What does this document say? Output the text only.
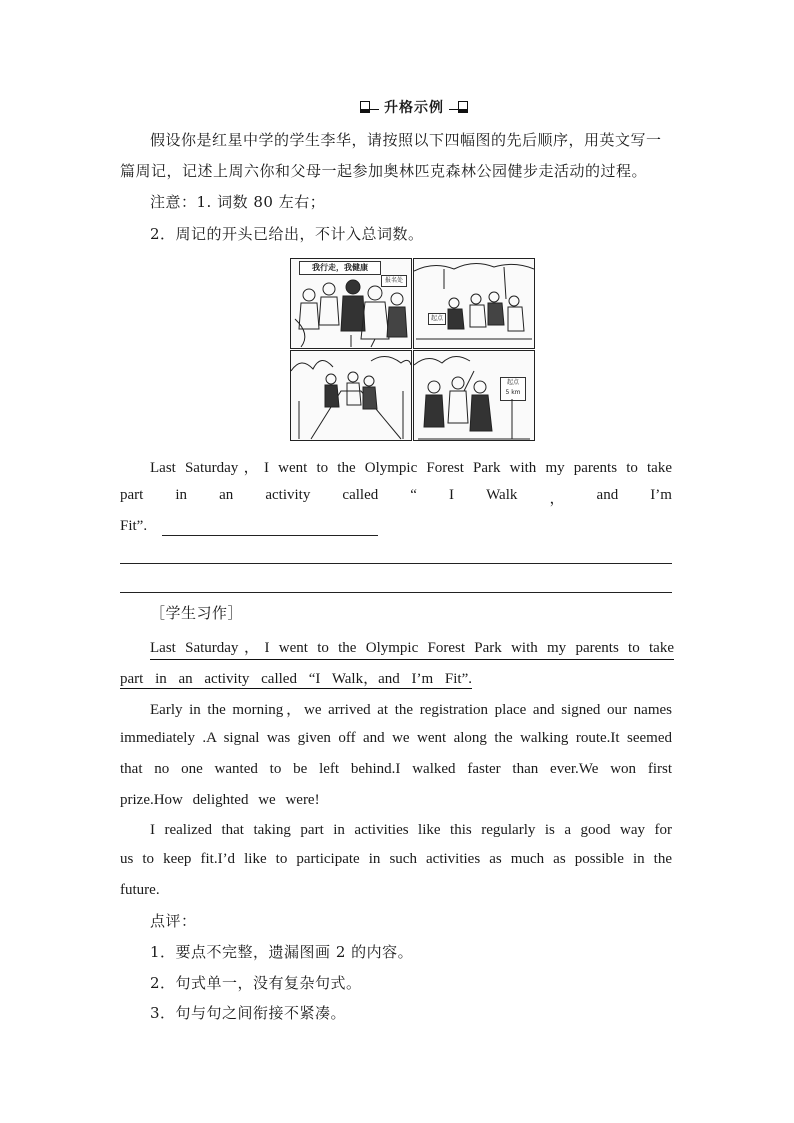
升格示例
假设你是红星中学的学生李华，请按照以下四幅图的先后顺序，用英文写一
篇周记，记述上周六你和父母一起参加奥林匹克森林公园健步走活动的过程。
注意：1. 词数 80 左右；
2．周记的开头已给出，不计入总词数。
我行走，我健康
报名处
起点
起点
5 km
Last Saturday，I went to the Olympic Forest Park with my parents to take
part in an activity called “ I Walk ， and I’m
Fit”.
［学生习作］
Last Saturday，I went to the Olympic Forest Park with my parents to take
part in an activity called “I Walk，and I’m Fit”.
Early in the morning，we arrived at the registration place and signed our names
immediately .A signal was given off and we went along the walking route.It seemed
that no one wanted to be left behind.I walked faster than ever.We won first
prize.How delighted we were!
I realized that taking part in activities like this regularly is a good way for
us to keep fit.I’d like to participate in such activities as much as possible in the
future.
点评：
1．要点不完整，遗漏图画 2 的内容。
2．句式单一，没有复杂句式。
3．句与句之间衔接不紧凑。
